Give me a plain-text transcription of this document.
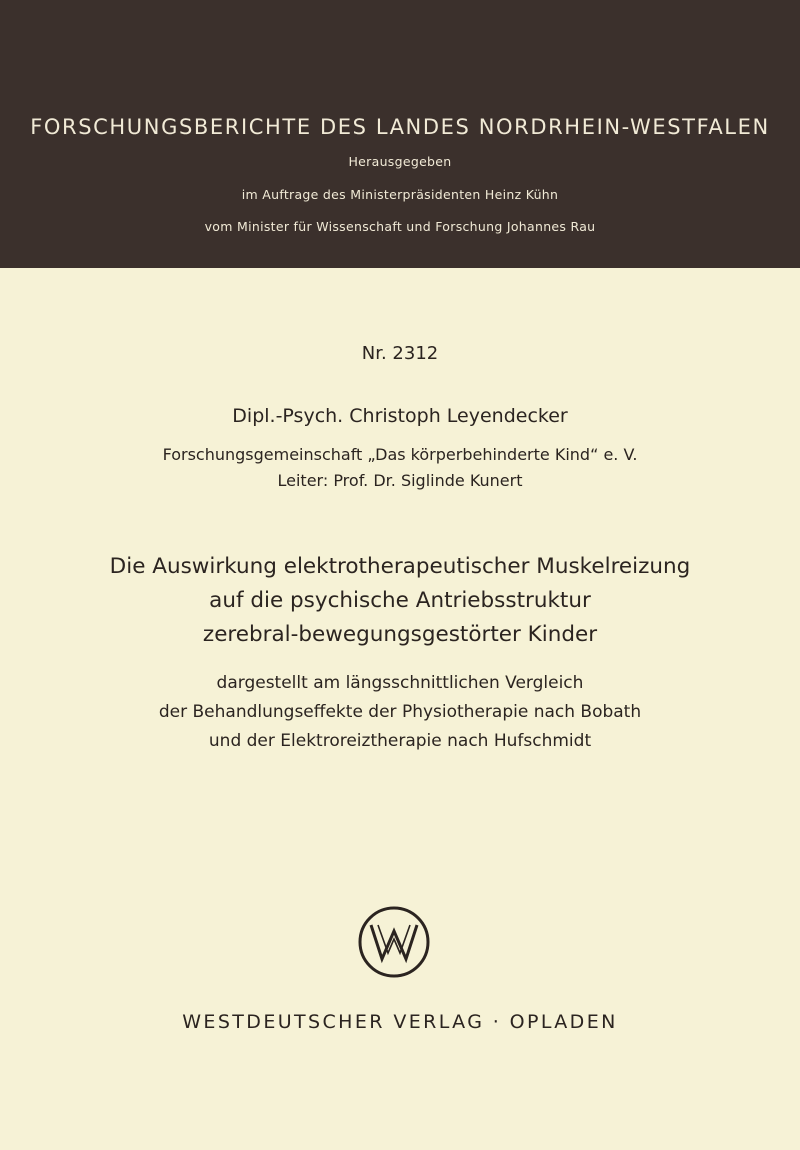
FORSCHUNGSBERICHTE DES LANDES NORDRHEIN-WESTFALEN
Herausgegeben
im Auftrage des Ministerpräsidenten Heinz Kühn
vom Minister für Wissenschaft und Forschung Johannes Rau
Nr. 2312
Dipl.-Psych. Christoph Leyendecker
Forschungsgemeinschaft „Das körperbehinderte Kind“ e. V.
Leiter: Prof. Dr. Siglinde Kunert
Die Auswirkung elektrotherapeutischer Muskelreizung
auf die psychische Antriebsstruktur
zerebral-bewegungsgestörter Kinder
dargestellt am längsschnittlichen Vergleich
der Behandlungseffekte der Physiotherapie nach Bobath
und der Elektroreiztherapie nach Hufschmidt
WESTDEUTSCHER VERLAG · OPLADEN
